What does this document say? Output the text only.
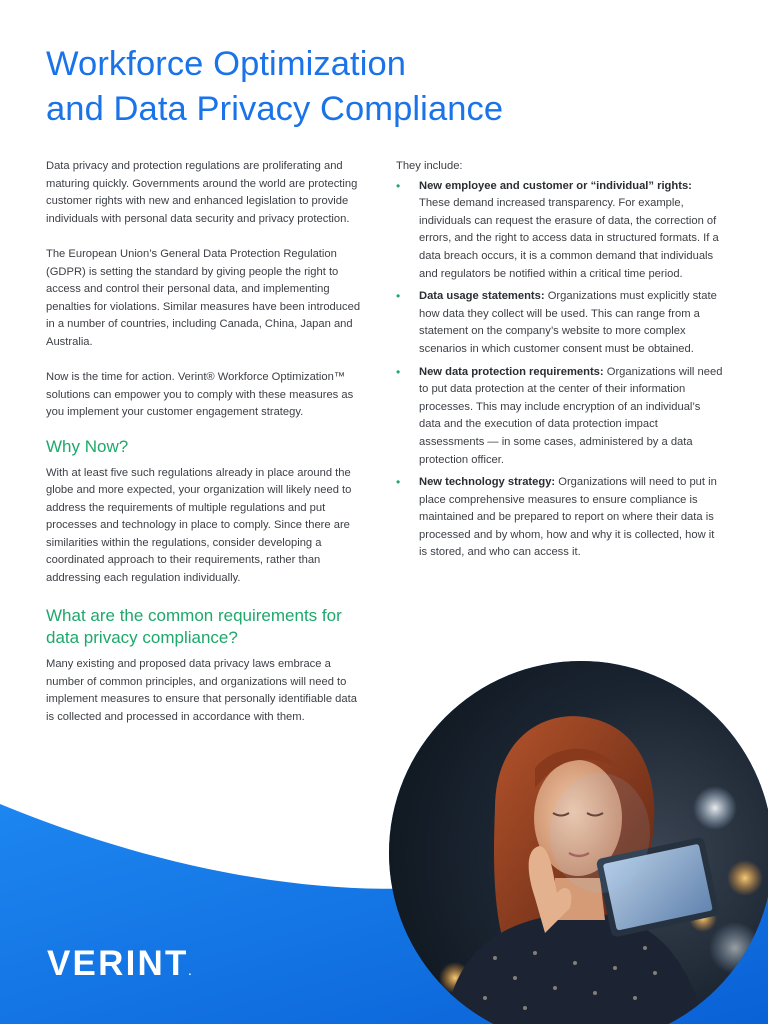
Workforce Optimization
and Data Privacy Compliance

Data privacy and protection regulations are proliferating and maturing quickly. Governments around the world are protecting customer rights with new and enhanced legislation to provide individuals with personal data security and privacy protection.

The European Union’s General Data Protection Regulation (GDPR) is setting the standard by giving people the right to access and control their personal data, and implementing penalties for violations. Similar measures have been introduced in a number of countries, including Canada, China, Japan and Australia.

Now is the time for action. Verint® Workforce Optimization™ solutions can empower you to comply with these measures as you implement your customer engagement strategy.

Why Now?

With at least five such regulations already in place around the globe and more expected, your organization will likely need to address the requirements of multiple regulations and put processes and technology in place to comply. Since there are similarities within the regulations, consider developing a coordinated approach to their requirements, rather than addressing each regulation individually.

What are the common requirements for data privacy compliance?

Many existing and proposed data privacy laws embrace a number of common principles, and organizations will need to implement measures to ensure that personally identifiable data is collected and processed in accordance with them.

They include:

• New employee and customer or “individual” rights: These demand increased transparency. For example, individuals can request the erasure of data, the correction of errors, and the right to access data in structured formats. If a data breach occurs, it is a common demand that individuals and regulators be notified within a critical time period.
• Data usage statements: Organizations must explicitly state how data they collect will be used. This can range from a statement on the company’s website to more complex scenarios in which customer consent must be obtained.
• New data protection requirements: Organizations will need to put data protection at the center of their information processes. This may include encryption of an individual’s data and the execution of data protection impact assessments — in some cases, administered by a data protection officer.
• New technology strategy: Organizations will need to put in place comprehensive measures to ensure compliance is maintained and be prepared to report on where their data is processed and by whom, how and why it is collected, how it is stored, and who can access it.
VERINT.
